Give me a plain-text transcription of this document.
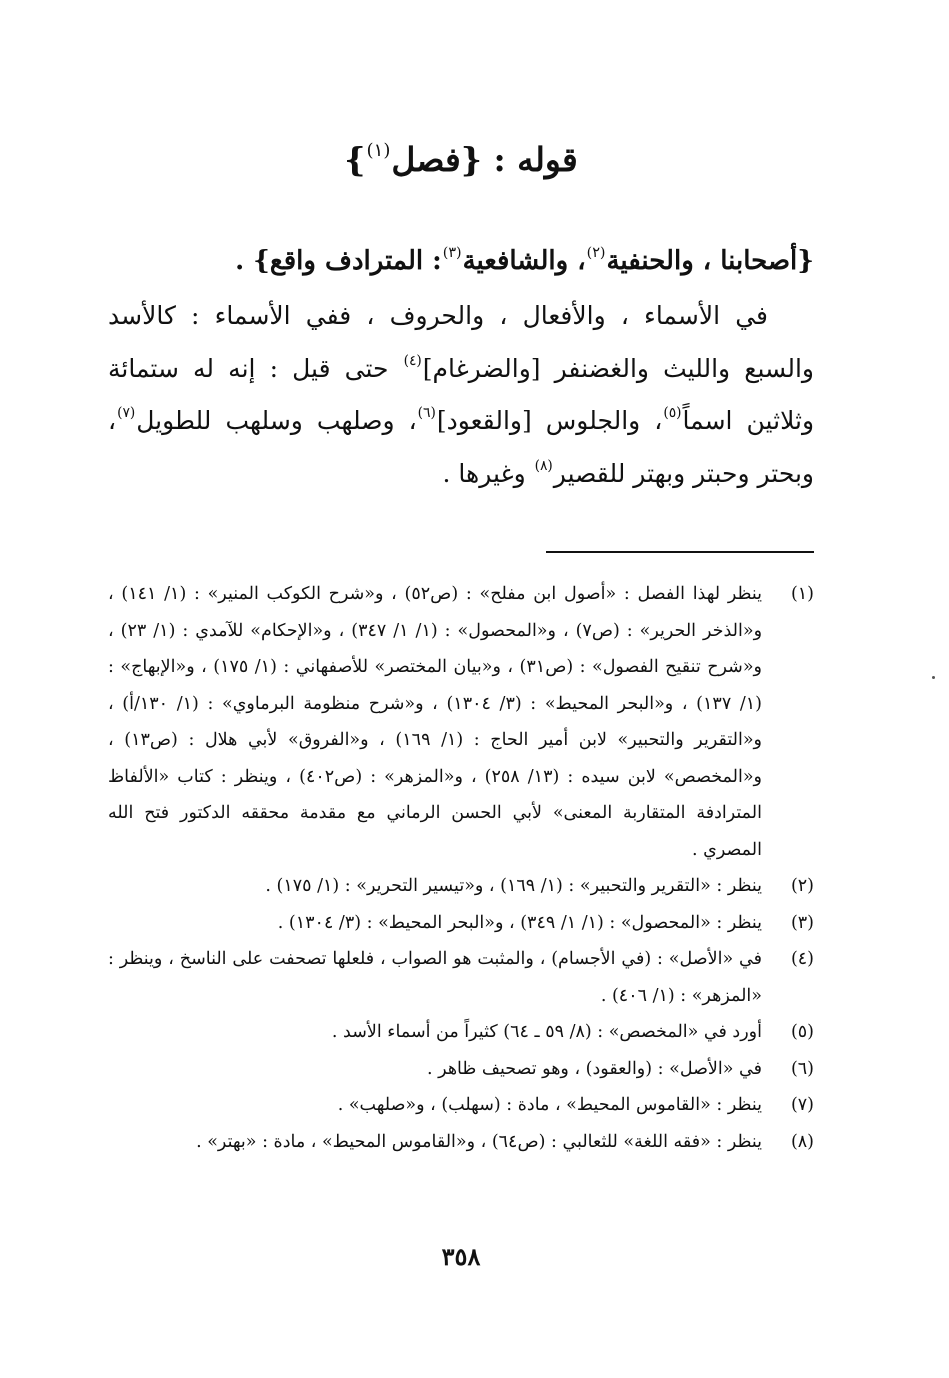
قوله : {فصل$^{(١)}$}
{أصحابنا ، والحنفية$^{(٢)}$، والشافعية$^{(٣)}$: المترادف واقع} .

في الأسماء ، والأفعال ، والحروف ، ففي الأسماء : كالأسد والسبع والليث والغضنفر [والضرغام]$^{(٤)}$ حتى قيل : إنه له ستمائة وثلاثين اسماً$^{(٥)}$، والجلوس [والقعود]$^{(٦)}$، وصلهب وسلهب للطويل$^{(٧)}$، وبحتر وحبتر وبهتر للقصير$^{(٨)}$ وغيرها .

(١)
ينظر لهذا الفصل : «أصول ابن مفلح» : (ص٥٢) ، و«شرح الكوكب المنير» : (١/ ١٤١) ، و«الذخر الحرير» : (ص٧) ، و«المحصول» : (١/ ١/ ٣٤٧) ، و«الإحكام» للآمدي : (١/ ٢٣) ، و«شرح تنقيح الفصول» : (ص٣١) ، و«بيان المختصر» للأصفهاني : (١/ ١٧٥) ، و«الإبهاج» : (١/ ١٣٧) ، و«البحر المحيط» : (٣/ ١٣٠٤) ، و«شرح منظومة البرماوي» : (١/ ١٣٠/أ) ، و«التقرير والتحبير» لابن أمير الحاج : (١/ ١٦٩) ، و«الفروق» لأبي هلال : (ص١٣) ، و«المخصص» لابن سيده : (١٣/ ٢٥٨) ، و«المزهر» : (ص٤٠٢) ، وينظر : كتاب «الألفاظ المترادفة المتقاربة المعنى» لأبي الحسن الرماني مع مقدمة محققه الدكتور فتح الله المصري .
(٢)
ينظر : «التقرير والتحبير» : (١/ ١٦٩) ، و«تيسير التحرير» : (١/ ١٧٥) .
(٣)
ينظر : «المحصول» : (١/ ١/ ٣٤٩) ، و«البحر المحيط» : (٣/ ١٣٠٤) .
(٤)
في «الأصل» : (في الأجسام) ، والمثبت هو الصواب ، فلعلها تصحفت على الناسخ ، وينظر : «المزهر» : (١/ ٤٠٦) .
(٥)
أورد في «المخصص» : (٨/ ٥٩ ـ ٦٤) كثيراً من أسماء الأسد .
(٦)
في «الأصل» : (والعقود) ، وهو تصحيف ظاهر .
(٧)
ينظر : «القاموس المحيط» ، مادة : (سهلب) ، و«صلهب» .
(٨)
ينظر : «فقه اللغة» للثعالبي : (ص٦٤) ، و«القاموس المحيط» ، مادة : «بهتر» .
٣٥٨
